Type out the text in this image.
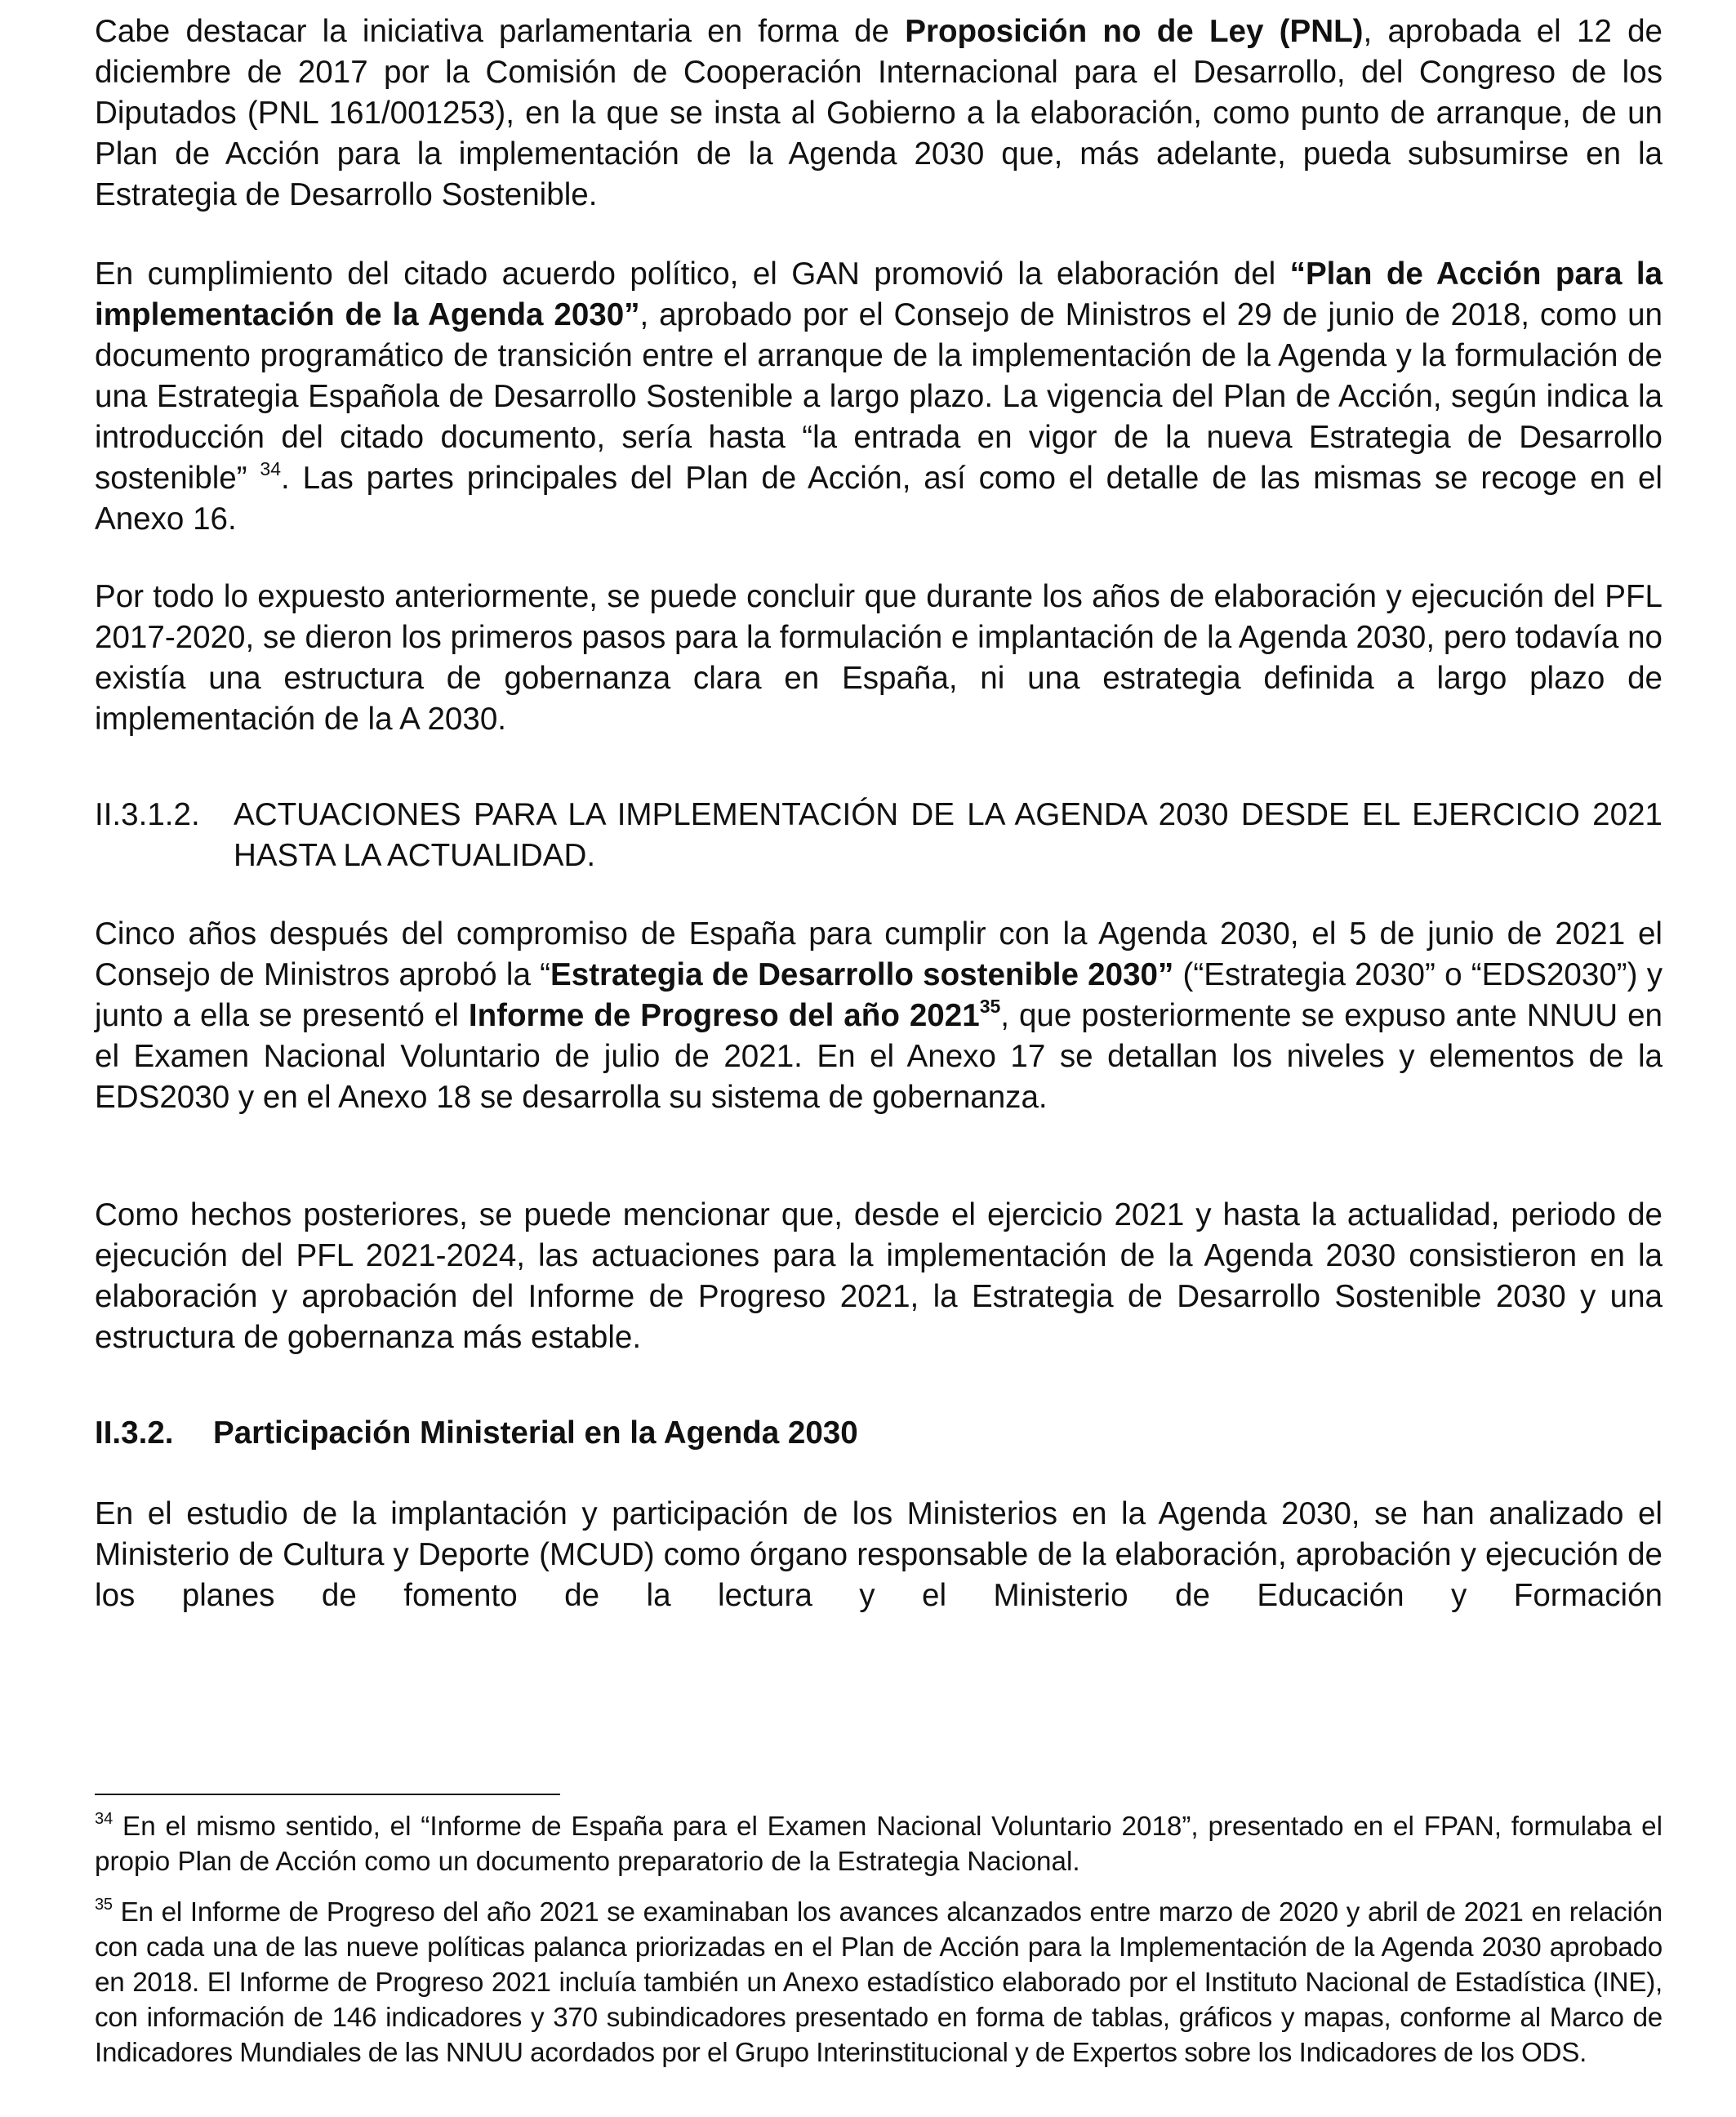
Cabe destacar la iniciativa parlamentaria en forma de Proposición no de Ley (PNL), aprobada el 12 de diciembre de 2017 por la Comisión de Cooperación Internacional para el Desarrollo, del Congreso de los Diputados (PNL 161/001253), en la que se insta al Gobierno a la elaboración, como punto de arranque, de un Plan de Acción para la implementación de la Agenda 2030 que, más adelante, pueda subsumirse en la Estrategia de Desarrollo Sostenible.

En cumplimiento del citado acuerdo político, el GAN promovió la elaboración del “Plan de Acción para la implementación de la Agenda 2030”, aprobado por el Consejo de Ministros el 29 de junio de 2018, como un documento programático de transición entre el arranque de la implementación de la Agenda y la formulación de una Estrategia Española de Desarrollo Sostenible a largo plazo. La vigencia del Plan de Acción, según indica la introducción del citado documento, sería hasta “la entrada en vigor de la nueva Estrategia de Desarrollo sostenible” $^{34}$. Las partes principales del Plan de Acción, así como el detalle de las mismas se recoge en el Anexo 16.

Por todo lo expuesto anteriormente, se puede concluir que durante los años de elaboración y ejecución del PFL 2017-2020, se dieron los primeros pasos para la formulación e implantación de la Agenda 2030, pero todavía no existía una estructura de gobernanza clara en España, ni una estrategia definida a largo plazo de implementación de la A 2030.

II.3.1.2. ACTUACIONES PARA LA IMPLEMENTACIÓN DE LA AGENDA 2030 DESDE EL EJERCICIO 2021 HASTA LA ACTUALIDAD.

Cinco años después del compromiso de España para cumplir con la Agenda 2030, el 5 de junio de 2021 el Consejo de Ministros aprobó la “Estrategia de Desarrollo sostenible 2030” (“Estrategia 2030” o “EDS2030”) y junto a ella se presentó el Informe de Progreso del año 2021$^{35}$, que posteriormente se expuso ante NNUU en el Examen Nacional Voluntario de julio de 2021. En el Anexo 17 se detallan los niveles y elementos de la EDS2030 y en el Anexo 18 se desarrolla su sistema de gobernanza.

Como hechos posteriores, se puede mencionar que, desde el ejercicio 2021 y hasta la actualidad, periodo de ejecución del PFL 2021-2024, las actuaciones para la implementación de la Agenda 2030 consistieron en la elaboración y aprobación del Informe de Progreso 2021, la Estrategia de Desarrollo Sostenible 2030 y una estructura de gobernanza más estable.

II.3.2. Participación Ministerial en la Agenda 2030

En el estudio de la implantación y participación de los Ministerios en la Agenda 2030, se han analizado el Ministerio de Cultura y Deporte (MCUD) como órgano responsable de la elaboración, aprobación y ejecución de los planes de fomento de la lectura y el Ministerio de Educación y Formación

$^{34}$ En el mismo sentido, el “Informe de España para el Examen Nacional Voluntario 2018”, presentado en el FPAN, formulaba el propio Plan de Acción como un documento preparatorio de la Estrategia Nacional.

$^{35}$ En el Informe de Progreso del año 2021 se examinaban los avances alcanzados entre marzo de 2020 y abril de 2021 en relación con cada una de las nueve políticas palanca priorizadas en el Plan de Acción para la Implementación de la Agenda 2030 aprobado en 2018. El Informe de Progreso 2021 incluía también un Anexo estadístico elaborado por el Instituto Nacional de Estadística (INE), con información de 146 indicadores y 370 subindicadores presentado en forma de tablas, gráficos y mapas, conforme al Marco de Indicadores Mundiales de las NNUU acordados por el Grupo Interinstitucional y de Expertos sobre los Indicadores de los ODS.
